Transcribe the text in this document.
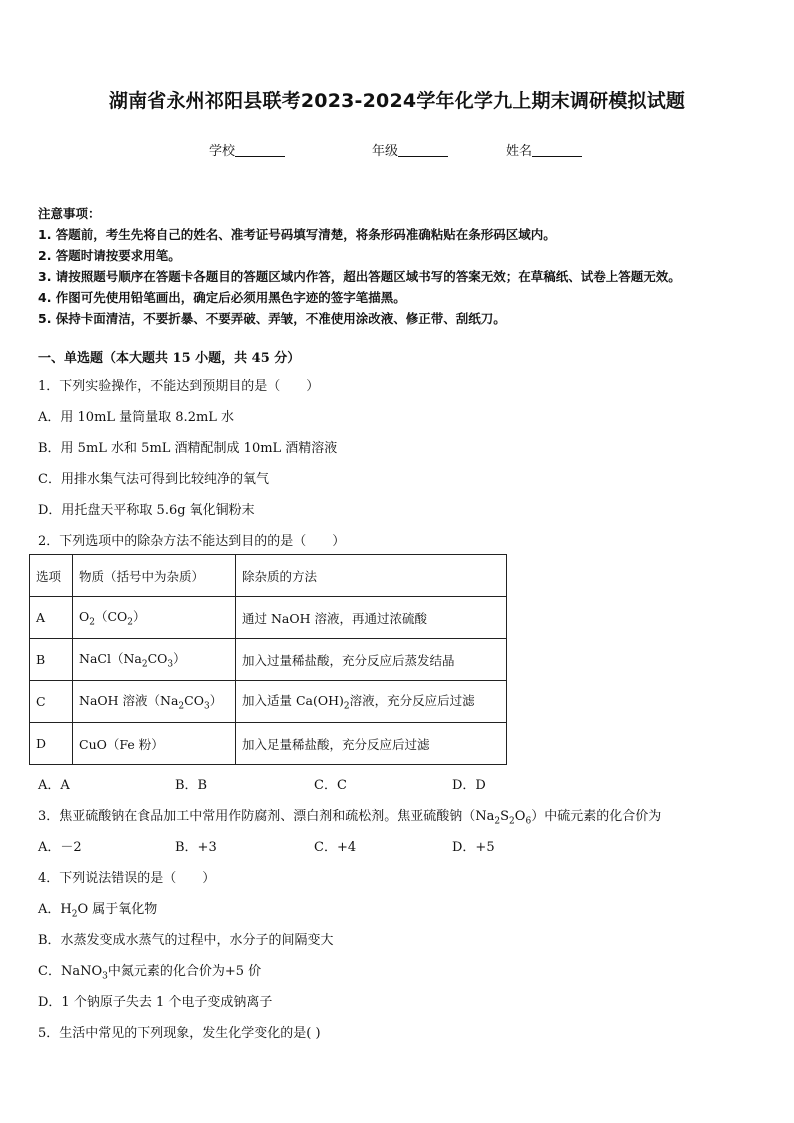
湖南省永州祁阳县联考2023-2024学年化学九上期末调研模拟试题
学校	年级	姓名
注意事项：
1. 答题前，考生先将自己的姓名、准考证号码填写清楚，将条形码准确粘贴在条形码区域内。
2. 答题时请按要求用笔。
3. 请按照题号顺序在答题卡各题目的答题区域内作答，超出答题区域书写的答案无效；在草稿纸、试卷上答题无效。
4. 作图可先使用铅笔画出，确定后必须用黑色字迹的签字笔描黑。
5. 保持卡面清洁，不要折暴、不要弄破、弄皱，不准使用涂改液、修正带、刮纸刀。
一、单选题（本大题共 15 小题，共 45 分）
1．下列实验操作，不能达到预期目的是（　　）
A．用 10mL 量筒量取 8.2mL 水
B．用 5mL 水和 5mL 酒精配制成 10mL 酒精溶液
C．用排水集气法可得到比较纯净的氧气
D．用托盘天平称取 5.6g 氧化铜粉末
2．下列选项中的除杂方法不能达到目的的是（　　）
选项	物质（括号中为杂质）	除杂质的方法
A	$O_2(CO_2)$	通过 NaOH 溶液，再通过浓硫酸
B	$NaCl(Na_2CO_3)$	加入过量稀盐酸，充分反应后蒸发结晶
C	NaOH 溶液$(Na_2CO_3)$	加入适量 $Ca(OH)_2$溶液，充分反应后过滤
D	CuO（Fe 粉）	加入足量稀盐酸，充分反应后过滤
A．A	B．B	C．C	D．D
3．焦亚硫酸钠在食品加工中常用作防腐剂、漂白剂和疏松剂。焦亚硫酸钠$(Na_2S_2O_6)$中硫元素的化合价为
A．－2	B．+3	C．+4	D．+5
4．下列说法错误的是（　　）
A．$H_2O$ 属于氧化物
B．水蒸发变成水蒸气的过程中，水分子的间隔变大
C．NaNO$_3$中氮元素的化合价为+5 价
D．1 个钠原子失去 1 个电子变成钠离子
5．生活中常见的下列现象，发生化学变化的是( )
